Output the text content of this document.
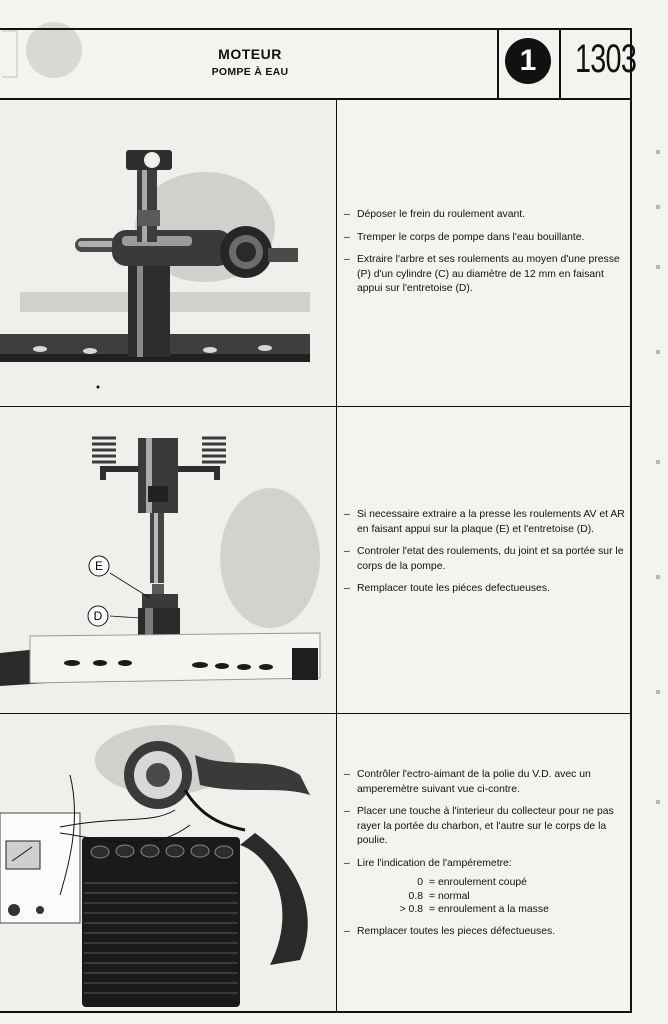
MOTEUR
POMPE À EAU	1 1303
E
D
– Déposer le frein du roulement avant.
– Tremper le corps de pompe dans l'eau bouillante.
– Extraire l'arbre et ses roulements au moyen d'une presse (P) d'un cylindre (C) au diamètre de 12 mm en faisant appui sur l'entretoise (D).
– Si necessaire extraire a la presse les roulements AV et AR en faisant appui sur la plaque (E) et l'entretoise (D).
– Controler l'etat des roulements, du joint et sa portée sur le corps de la pompe.
– Remplacer toute les piéces defectueuses.
– Contrôler l'ectro-aimant de la polie du V.D. avec un amperemètre suivant vue ci-contre.
– Placer une touche à l'interieur du collecteur pour ne pas rayer la portée du charbon, et l'autre sur le corps de la poulie.
– Lire l'indication de l'ampéremetre:
0 = enroulement coupé
0.8 = normal
> 0.8 = enroulement a la masse
– Remplacer toutes les pieces défectueuses.
